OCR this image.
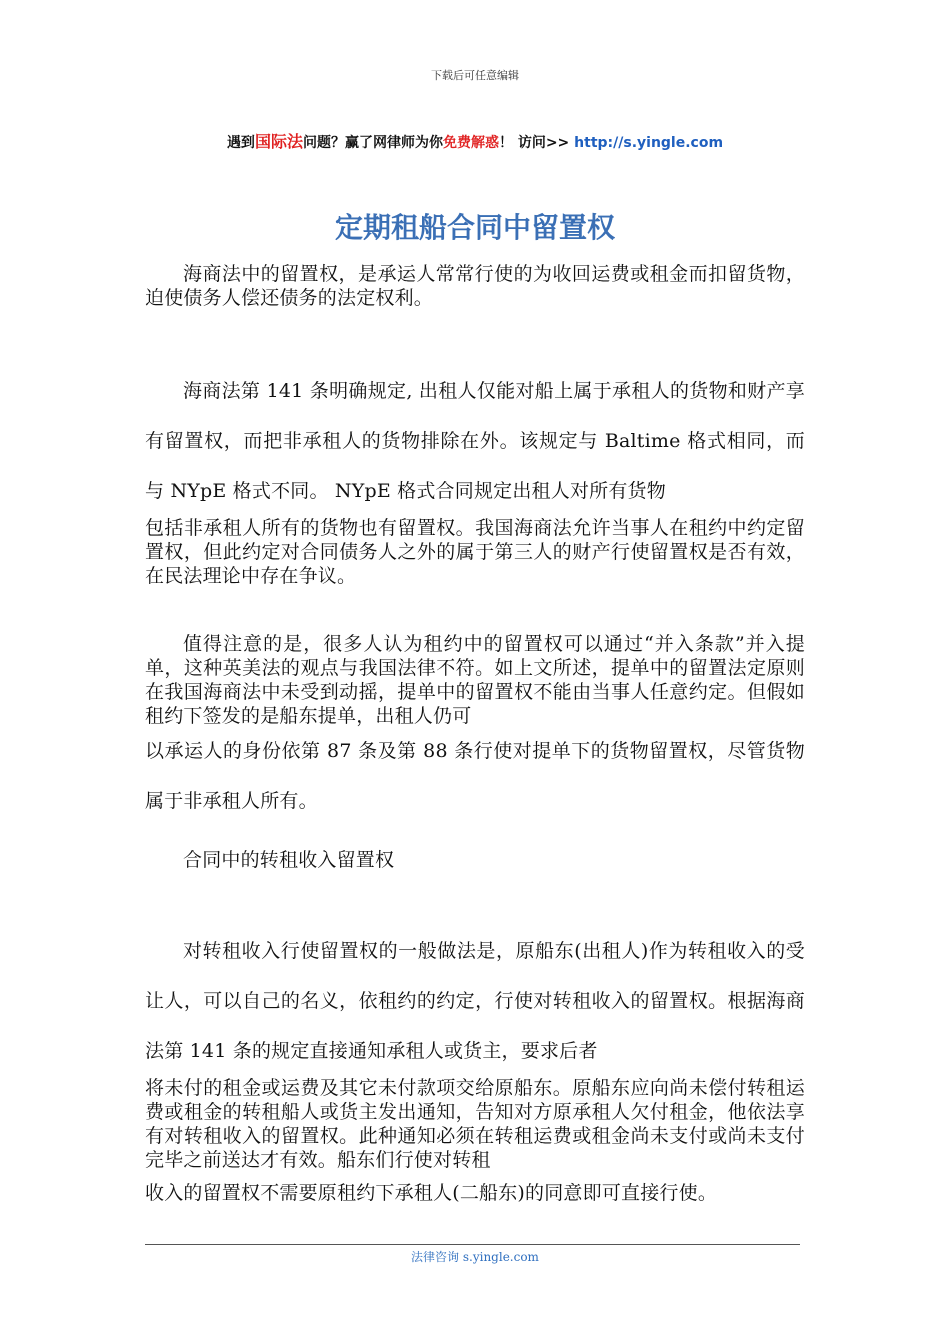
下载后可任意编辑
遇到国际法问题？赢了网律师为你免费解惑！ 访问>> http://s.yingle.com
定期租船合同中留置权

海商法中的留置权，是承运人常常行使的为收回运费或租金而扣留货物，迫使债务人偿还债务的法定权利。

海商法第 141 条明确规定, 出租人仅能对船上属于承租人的货物和财产享有留置权，而把非承租人的货物排除在外。该规定与 Baltime 格式相同，而与 NYpE 格式不同。 NYpE 格式合同规定出租人对所有货物

包括非承租人所有的货物也有留置权。我国海商法允许当事人在租约中约定留置权，但此约定对合同债务人之外的属于第三人的财产行使留置权是否有效，在民法理论中存在争议。

值得注意的是，很多人认为租约中的留置权可以通过“并入条款”并入提单，这种英美法的观点与我国法律不符。如上文所述，提单中的留置法定原则在我国海商法中未受到动摇，提单中的留置权不能由当事人任意约定。但假如租约下签发的是船东提单，出租人仍可

以承运人的身份依第 87 条及第 88 条行使对提单下的货物留置权，尽管货物属于非承租人所有。

合同中的转租收入留置权

对转租收入行使留置权的一般做法是，原船东(出租人)作为转租收入的受让人，可以自己的名义，依租约的约定，行使对转租收入的留置权。根据海商法第 141 条的规定直接通知承租人或货主，要求后者

将未付的租金或运费及其它未付款项交给原船东。原船东应向尚未偿付转租运费或租金的转租船人或货主发出通知，告知对方原承租人欠付租金，他依法享有对转租收入的留置权。此种通知必须在转租运费或租金尚未支付或尚未支付完毕之前送达才有效。船东们行使对转租

收入的留置权不需要原租约下承租人(二船东)的同意即可直接行使。

法律咨询 s.yingle.com
